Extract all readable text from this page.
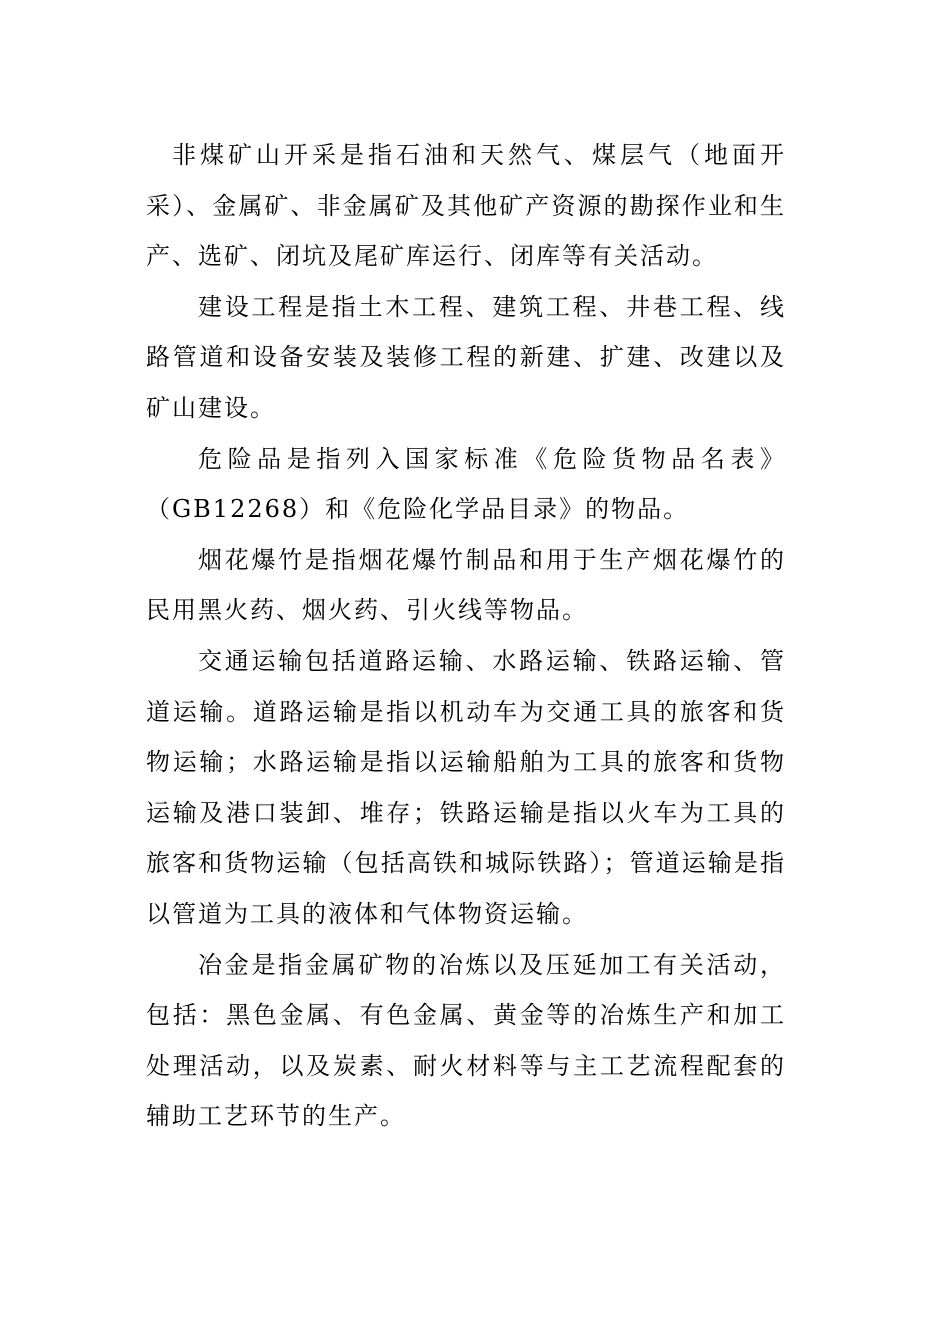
非煤矿山开采是指石油和天然气、煤层气（地面开采）、金属矿、非金属矿及其他矿产资源的勘探作业和生产、选矿、闭坑及尾矿库运行、闭库等有关活动。

建设工程是指土木工程、建筑工程、井巷工程、线路管道和设备安装及装修工程的新建、扩建、改建以及矿山建设。

危险品是指列入国家标准《危险货物品名表》（GB12268）和《危险化学品目录》的物品。

烟花爆竹是指烟花爆竹制品和用于生产烟花爆竹的民用黑火药、烟火药、引火线等物品。

交通运输包括道路运输、水路运输、铁路运输、管道运输。道路运输是指以机动车为交通工具的旅客和货物运输；水路运输是指以运输船舶为工具的旅客和货物运输及港口装卸、堆存；铁路运输是指以火车为工具的旅客和货物运输（包括高铁和城际铁路）；管道运输是指以管道为工具的液体和气体物资运输。

冶金是指金属矿物的冶炼以及压延加工有关活动，包括：黑色金属、有色金属、黄金等的冶炼生产和加工处理活动，以及炭素、耐火材料等与主工艺流程配套的辅助工艺环节的生产。
